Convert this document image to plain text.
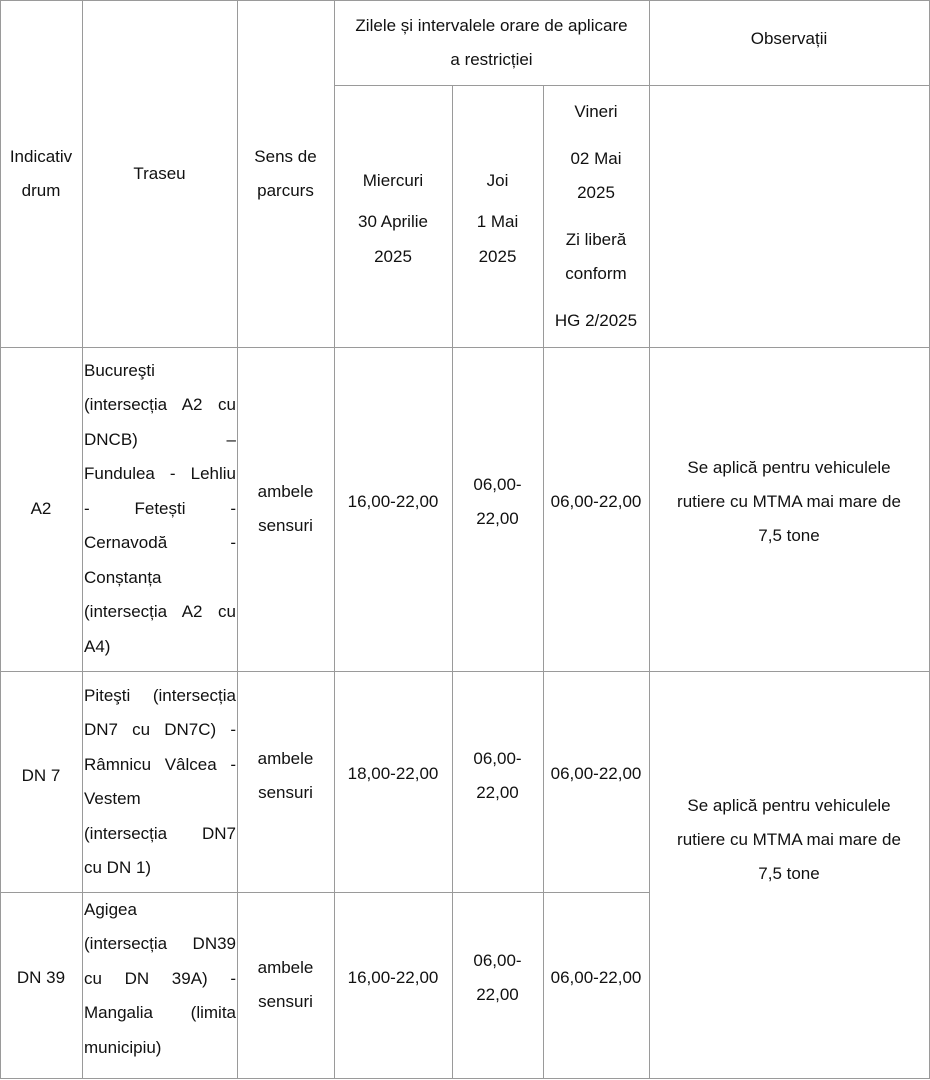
Indicativ
drum
Traseu
Sens de
parcurs
Zilele și intervalele orare de aplicare
a restricției
Observații
Miercuri
30 Aprilie
2025
Joi
1 Mai
2025
Vineri
02 Mai
2025
Zi liberă
conform
HG 2/2025
A2
Bucureşti
(intersecția A2 cu
DNCB) –
Fundulea - Lehliu
- Fetești -
Cernavodă -
Conștanța
(intersecția A2 cu
A4)
ambele
sensuri
16,00-22,00
06,00-
22,00
06,00-22,00
Se aplică pentru vehiculele
rutiere cu MTMA mai mare de
7,5 tone
DN 7
Piteşti (intersecția
DN7 cu DN7C) -
Râmnicu Vâlcea -
Vestem
(intersecția DN7
cu DN 1)
ambele
sensuri
18,00-22,00
06,00-
22,00
06,00-22,00
Se aplică pentru vehiculele
rutiere cu MTMA mai mare de
7,5 tone
DN 39
Agigea
(intersecția DN39
cu DN 39A) -
Mangalia (limita
municipiu)
ambele
sensuri
16,00-22,00
06,00-
22,00
06,00-22,00
